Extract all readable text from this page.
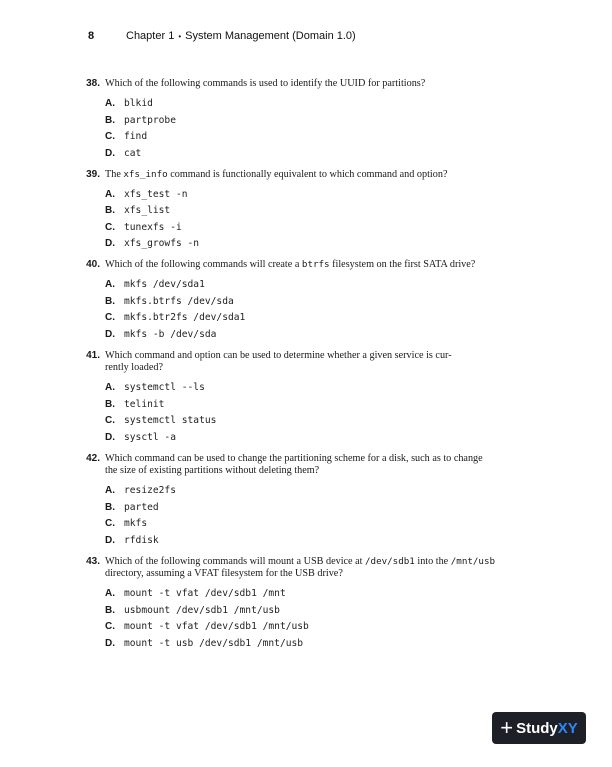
8	Chapter 1 • System Management (Domain 1.0)
38. Which of the following commands is used to identify the UUID for partitions?
A. blkid
B. partprobe
C. find
D. cat
39. The xfs_info command is functionally equivalent to which command and option?
A. xfs_test -n
B. xfs_list
C. tunexfs -i
D. xfs_growfs -n
40. Which of the following commands will create a btrfs filesystem on the first SATA drive?
A. mkfs /dev/sda1
B. mkfs.btrfs /dev/sda
C. mkfs.btr2fs /dev/sda1
D. mkfs -b /dev/sda
41. Which command and option can be used to determine whether a given service is cur-
rently loaded?
A. systemctl --ls
B. telinit
C. systemctl status
D. sysctl -a
42. Which command can be used to change the partitioning scheme for a disk, such as to change
the size of existing partitions without deleting them?
A. resize2fs
B. parted
C. mkfs
D. rfdisk
43. Which of the following commands will mount a USB device at /dev/sdb1 into the /mnt/usb
directory, assuming a VFAT filesystem for the USB drive?
A. mount -t vfat /dev/sdb1 /mnt
B. usbmount /dev/sdb1 /mnt/usb
C. mount -t vfat /dev/sdb1 /mnt/usb
D. mount -t usb /dev/sdb1 /mnt/usb
+ Study XY
